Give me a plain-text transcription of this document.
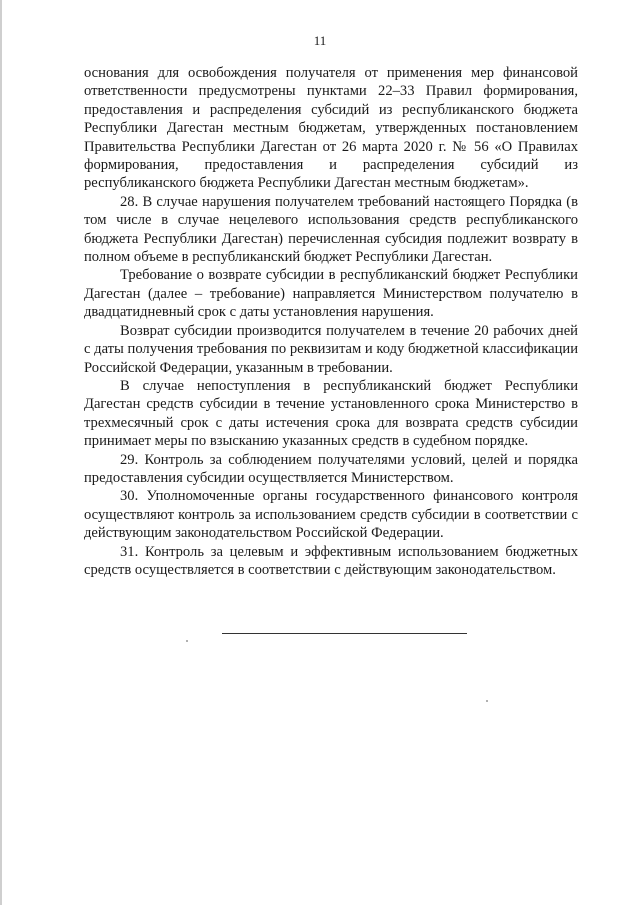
11

основания для освобождения получателя от применения мер финансовой ответственности предусмотрены пунктами 22–33 Правил формирования, предоставления и распределения субсидий из республиканского бюджета Республики Дагестан местным бюджетам, утвержденных постановлением Правительства Республики Дагестан от 26 марта 2020 г. № 56 «О Правилах формирования, предоставления и распределения субсидий из республиканского бюджета Республики Дагестан местным бюджетам».

28. В случае нарушения получателем требований настоящего Порядка (в том числе в случае нецелевого использования средств республиканского бюджета Республики Дагестан) перечисленная субсидия подлежит возврату в полном объеме в республиканский бюджет Республики Дагестан.

Требование о возврате субсидии в республиканский бюджет Республики Дагестан (далее – требование) направляется Министерством получателю в двадцатидневный срок с даты установления нарушения.

Возврат субсидии производится получателем в течение 20 рабочих дней с даты получения требования по реквизитам и коду бюджетной классификации Российской Федерации, указанным в требовании.

В случае непоступления в республиканский бюджет Республики Дагестан средств субсидии в течение установленного срока Министерство в трехмесячный срок с даты истечения срока для возврата средств субсидии принимает меры по взысканию указанных средств в судебном порядке.

29. Контроль за соблюдением получателями условий, целей и порядка предоставления субсидии осуществляется Министерством.

30. Уполномоченные органы государственного финансового контроля осуществляют контроль за использованием средств субсидии в соответствии с действующим законодательством Российской Федерации.

31. Контроль за целевым и эффективным использованием бюджетных средств осуществляется в соответствии с действующим законодательством.
